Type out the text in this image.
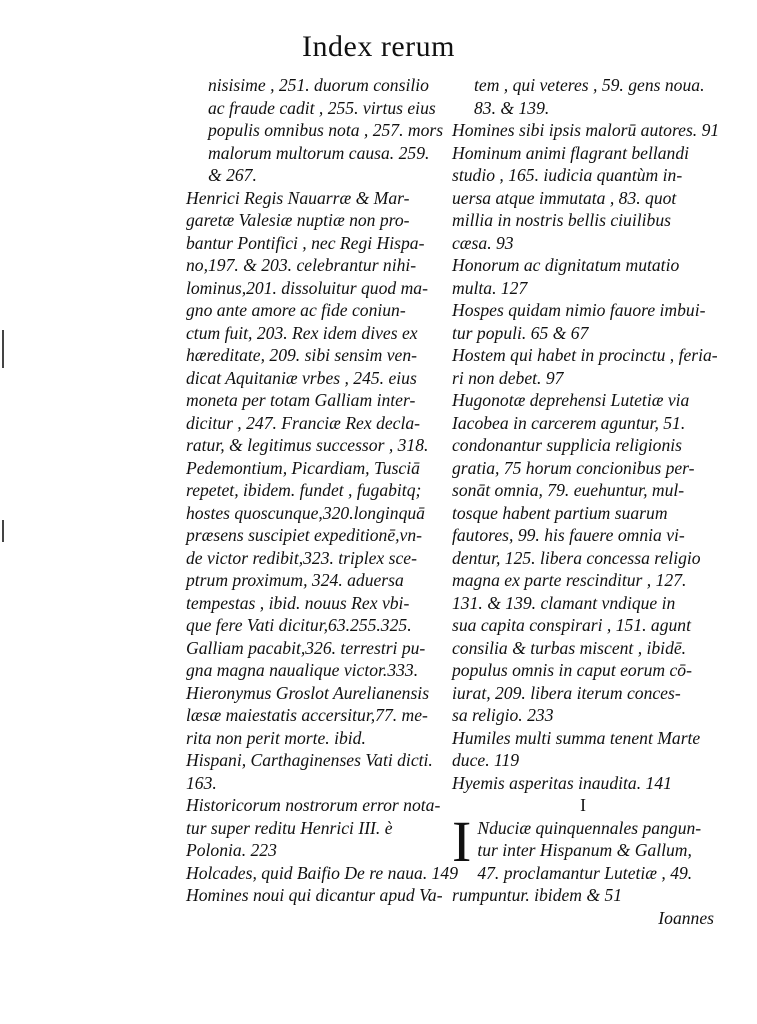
Index rerum
nisisime , 251. duorum consilio
ac fraude cadit , 255. virtus eius
populis omnibus nota , 257. mors
malorum multorum causa. 259.
& 267.
Henrici Regis Nauarræ & Mar-
garetæ Valesiæ nuptiæ non pro-
bantur Pontifici , nec Regi Hispa-
no,197. & 203. celebrantur nihi-
lominus,201. dissoluitur quod ma-
gno ante amore ac fide coniun-
ctum fuit, 203. Rex idem dives ex
hæreditate, 209. sibi sensim ven-
dicat Aquitaniæ vrbes , 245. eius
moneta per totam Galliam inter-
dicitur , 247. Franciæ Rex decla-
ratur, & legitimus successor , 318.
Pedemontium, Picardiam, Tusciā
repetet, ibidem. fundet , fugabitq;
hostes quoscunque,320.longinquā
præsens suscipiet expeditionē,vn-
de victor redibit,323. triplex sce-
ptrum proximum, 324. aduersa
tempestas , ibid. nouus Rex vbi-
que fere Vati dicitur,63.255.325.
Galliam pacabit,326. terrestri pu-
gna magna naualique victor.333.
Hieronymus Groslot Aurelianensis
læsæ maiestatis accersitur,77. me-
rita non perit morte. ibid.
Hispani, Carthaginenses Vati dicti.
163.
Historicorum nostrorum error nota-
tur super reditu Henrici III. è
Polonia. 223
Holcades, quid Baifio De re naua. 149
Homines noui qui dicantur apud Va-
tem , qui veteres , 59. gens noua.
83. & 139.
Homines sibi ipsis malorū autores. 91
Hominum animi flagrant bellandi
studio , 165. iudicia quantùm in-
uersa atque immutata , 83. quot
millia in nostris bellis ciuilibus
cæsa. 93
Honorum ac dignitatum mutatio
multa. 127
Hospes quidam nimio fauore imbui-
tur populi. 65 & 67
Hostem qui habet in procinctu , feria-
ri non debet. 97
Hugonotæ deprehensi Lutetiæ via
Iacobea in carcerem aguntur, 51.
condonantur supplicia religionis
gratia, 75 horum concionibus per-
sonāt omnia, 79. euehuntur, mul-
tosque habent partium suarum
fautores, 99. his fauere omnia vi-
dentur, 125. libera concessa religio
magna ex parte rescinditur , 127.
131. & 139. clamant vndique in
sua capita conspirari , 151. agunt
consilia & turbas miscent , ibidē.
populus omnis in caput eorum cō-
iurat, 209. libera iterum conces-
sa religio. 233
Humiles multi summa tenent Marte
duce. 119
Hyemis asperitas inaudita. 141
I
I Nduciæ quinquennales pangun-
tur inter Hispanum & Gallum,
47. proclamantur Lutetiæ , 49.
rumpuntur. ibidem & 51
Ioannes
